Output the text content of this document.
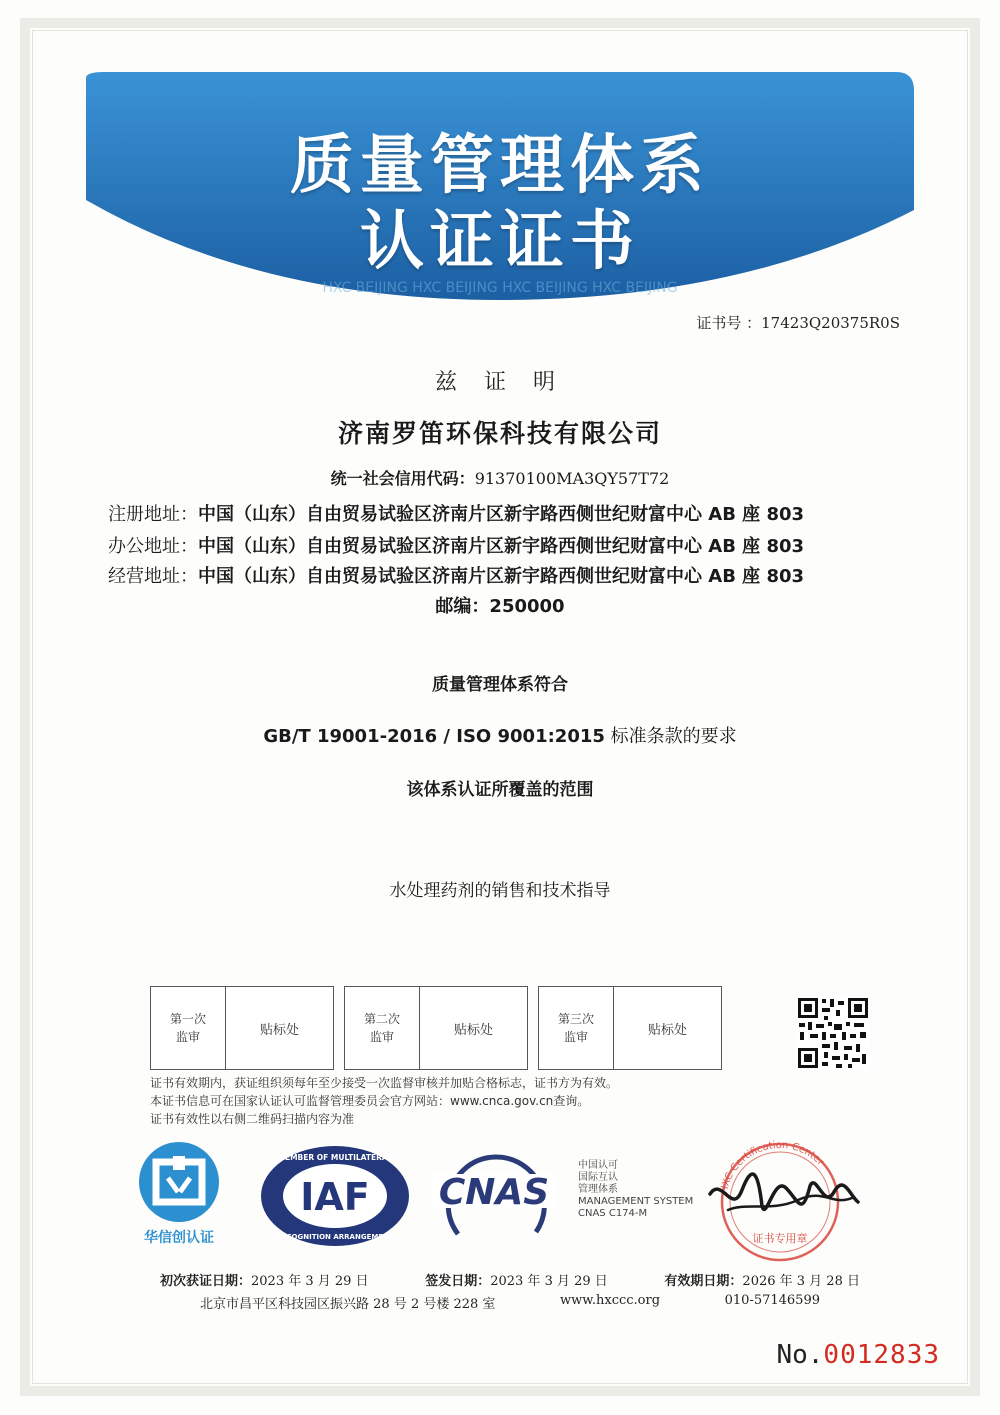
HXC BEIJING HXC BEIJING HXC BEIJING HXC BEIJING
质量管理体系
认证证书
证书号 ：17423Q20375R0S
兹 证 明
济南罗笛环保科技有限公司
统一社会信用代码：91370100MA3QY57T72
注册地址：中国（山东）自由贸易试验区济南片区新宇路西侧世纪财富中心 AB 座 803
办公地址：中国（山东）自由贸易试验区济南片区新宇路西侧世纪财富中心 AB 座 803
经营地址：中国（山东）自由贸易试验区济南片区新宇路西侧世纪财富中心 AB 座 803
邮编：250000
质量管理体系符合
GB/T 19001-2016 / ISO 9001:2015 标准条款的要求
该体系认证所覆盖的范围
水处理药剂的销售和技术指导
第一次监审	贴标处
第二次监审	贴标处
第三次监审	贴标处
证书有效期内，获证组织须每年至少接受一次监督审核并加贴合格标志，证书方为有效。
本证书信息可在国家认证认可监督管理委员会官方网站：www.cnca.gov.cn查询。
证书有效性以右侧二维码扫描内容为准
华信创认证
IAF
MEMBER OF MULTILATERAL
RECOGNITION ARRANGEMENT
CNAS
中国认可
国际互认
管理体系
MANAGEMENT SYSTEM
CNAS C174-M
HXC Certification Center
证书专用章
初次获证日期：2023 年 3 月 29 日	签发日期：2023 年 3 月 29 日	有效期日期：2026 年 3 月 28 日
北京市昌平区科技园区振兴路 28 号 2 号楼 228 室	www.hxccc.org	010-57146599
No.0012833
